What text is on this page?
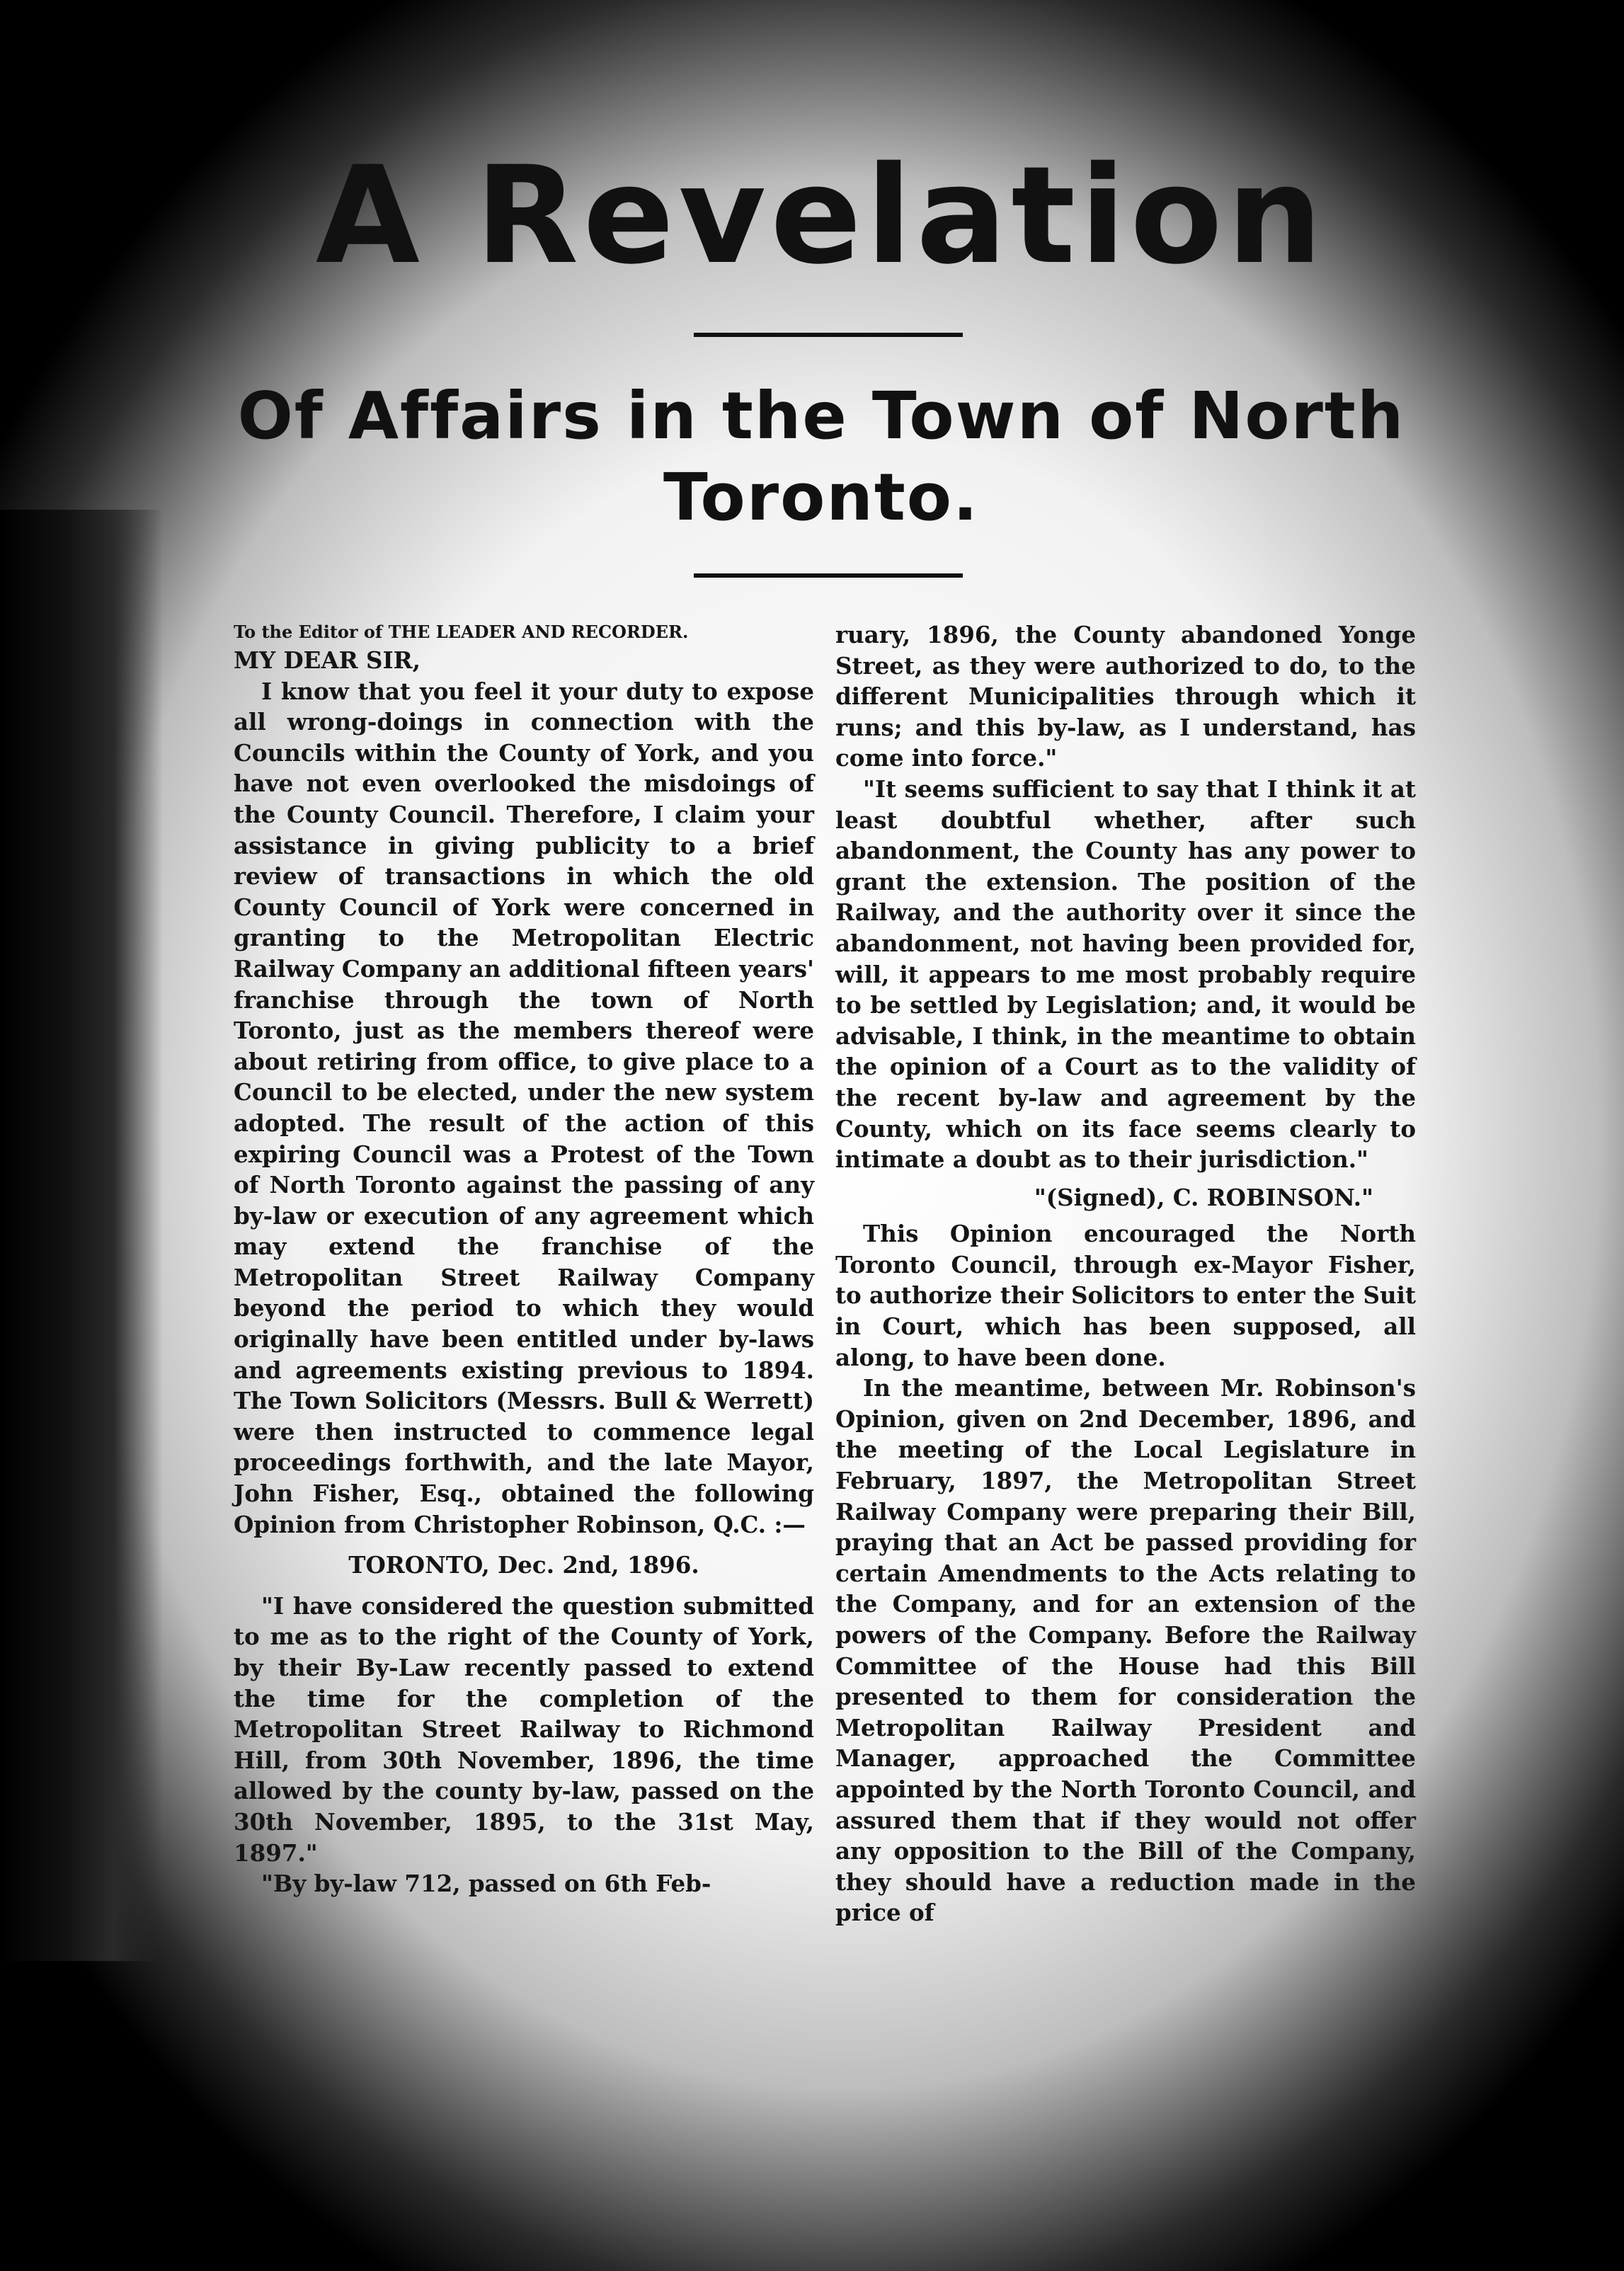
A Revelation
Of Affairs in the Town of North Toronto.

To the Editor of THE LEADER AND RECORDER.

MY DEAR SIR,

I know that you feel it your duty to expose all wrong-doings in connection with the Councils within the County of York, and you have not even overlooked the misdoings of the County Council. Therefore, I claim your assistance in giving publicity to a brief review of transactions in which the old County Council of York were concerned in granting to the Metropolitan Electric Railway Company an additional fifteen years' franchise through the town of North Toronto, just as the members thereof were about retiring from office, to give place to a Council to be elected, under the new system adopted. The result of the action of this expiring Council was a Protest of the Town of North Toronto against the passing of any by-law or execution of any agreement which may extend the franchise of the Metropolitan Street Railway Company beyond the period to which they would originally have been entitled under by-laws and agreements existing previous to 1894. The Town Solicitors (Messrs. Bull & Werrett) were then instructed to commence legal proceedings forthwith, and the late Mayor, John Fisher, Esq., obtained the following Opinion from Christopher Robinson, Q.C. :—

TORONTO, Dec. 2nd, 1896.

"I have considered the question submitted to me as to the right of the County of York, by their By-Law recently passed to extend the time for the completion of the Metropolitan Street Railway to Richmond Hill, from 30th November, 1896, the time allowed by the county by-law, passed on the 30th November, 1895, to the 31st May, 1897."

"By by-law 712, passed on 6th Feb-

ruary, 1896, the County abandoned Yonge Street, as they were authorized to do, to the different Municipalities through which it runs; and this by-law, as I understand, has come into force."

"It seems sufficient to say that I think it at least doubtful whether, after such abandonment, the County has any power to grant the extension. The position of the Railway, and the authority over it since the abandonment, not having been provided for, will, it appears to me most probably require to be settled by Legislation; and, it would be advisable, I think, in the meantime to obtain the opinion of a Court as to the validity of the recent by-law and agreement by the County, which on its face seems clearly to intimate a doubt as to their jurisdiction."

"(Signed), C. ROBINSON."

This Opinion encouraged the North Toronto Council, through ex-Mayor Fisher, to authorize their Solicitors to enter the Suit in Court, which has been supposed, all along, to have been done.

In the meantime, between Mr. Robinson's Opinion, given on 2nd December, 1896, and the meeting of the Local Legislature in February, 1897, the Metropolitan Street Railway Company were preparing their Bill, praying that an Act be passed providing for certain Amendments to the Acts relating to the Company, and for an extension of the powers of the Company. Before the Railway Committee of the House had this Bill presented to them for consideration the Metropolitan Railway President and Manager, approached the Committee appointed by the North Toronto Council, and assured them that if they would not offer any opposition to the Bill of the Company, they should have a reduction made in the price of
